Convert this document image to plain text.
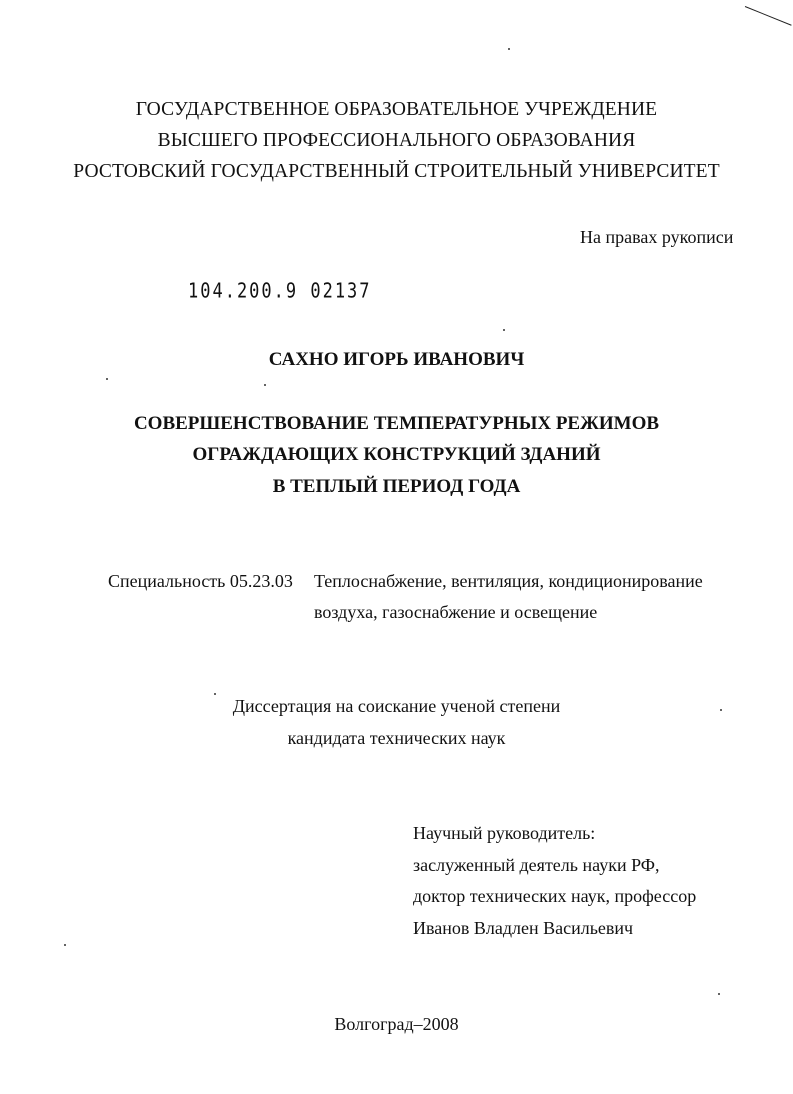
ГОСУДАРСТВЕННОЕ ОБРАЗОВАТЕЛЬНОЕ УЧРЕЖДЕНИЕ
ВЫСШЕГО ПРОФЕССИОНАЛЬНОГО ОБРАЗОВАНИЯ
РОСТОВСКИЙ ГОСУДАРСТВЕННЫЙ СТРОИТЕЛЬНЫЙ УНИВЕРСИТЕТ
На правах рукописи
104.200.9 02137
САХНО ИГОРЬ ИВАНОВИЧ
СОВЕРШЕНСТВОВАНИЕ ТЕМПЕРАТУРНЫХ РЕЖИМОВ
ОГРАЖДАЮЩИХ КОНСТРУКЦИЙ ЗДАНИЙ
В ТЕПЛЫЙ ПЕРИОД ГОДА
Специальность 05.23.03 Теплоснабжение, вентиляция, кондиционирование
воздуха, газоснабжение и освещение
Диссертация на соискание ученой степени
кандидата технических наук
Научный руководитель:
заслуженный деятель науки РФ,
доктор технических наук, профессор
Иванов Владлен Васильевич
Волгоград–2008
